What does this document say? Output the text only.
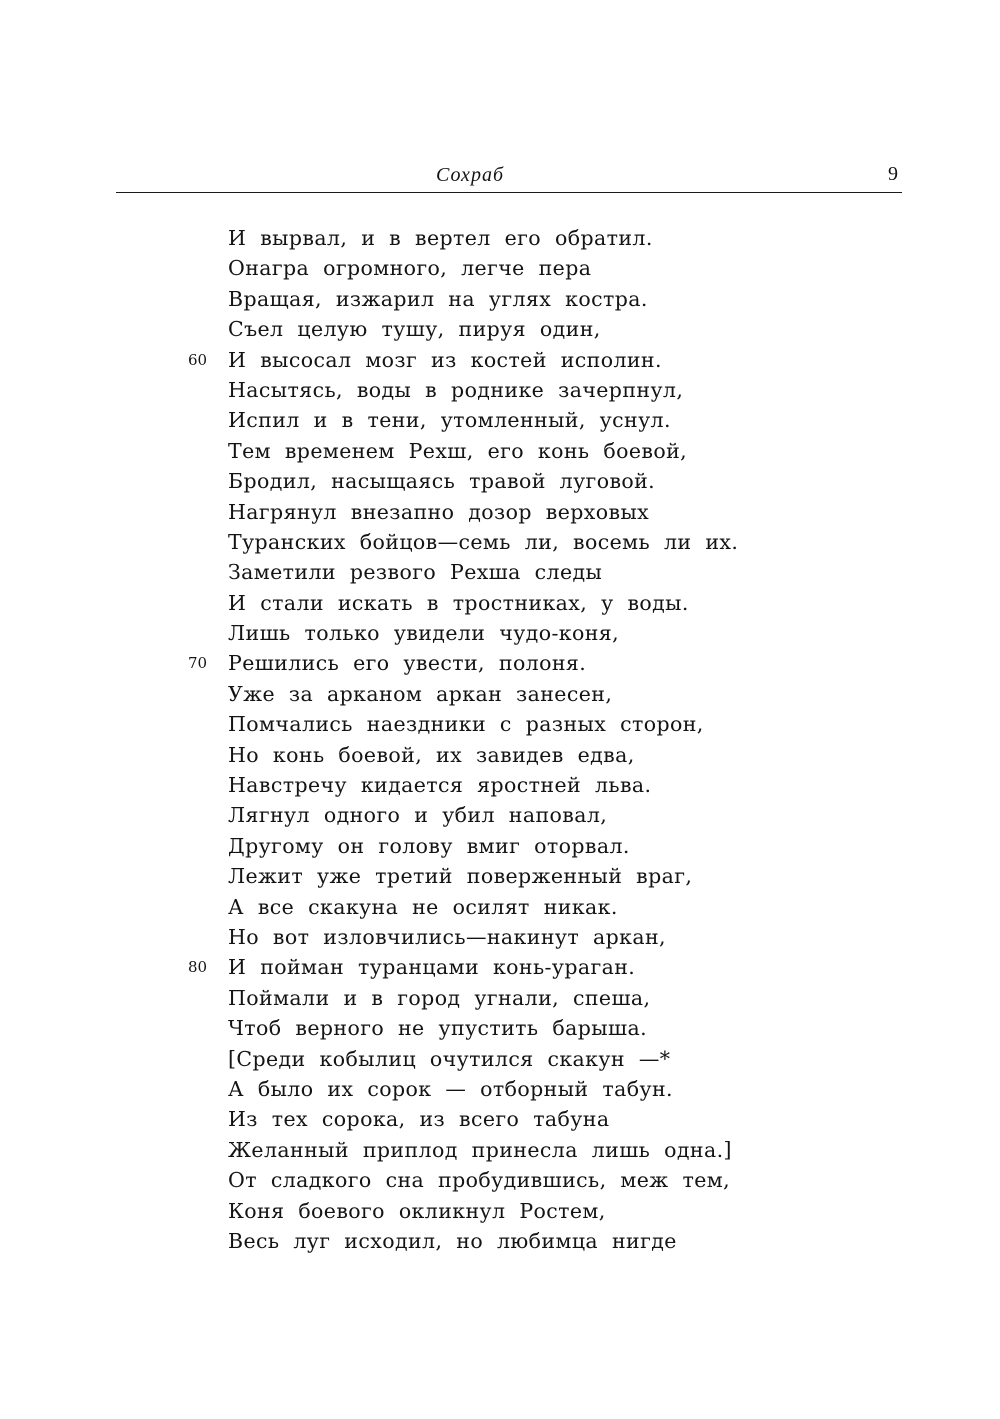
Сохраб	9
И вырвал, и в вертел его обратил.
Онагра огромного, легче пера
Вращая, изжарил на углях костра.
Съел целую тушу, пируя один,
60	И высосал мозг из костей исполин.
Насытясь, воды в роднике зачерпнул,
Испил и в тени, утомленный, уснул.
Тем временем Рехш, его конь боевой,
Бродил, насыщаясь травой луговой.
Нагрянул внезапно дозор верховых
Туранских бойцов—семь ли, восемь ли их.
Заметили резвого Рехша следы
И стали искать в тростниках, у воды.
Лишь только увидели чудо-коня,
70	Решились его увести, полоня.
Уже за арканом аркан занесен,
Помчались наездники с разных сторон,
Но конь боевой, их завидев едва,
Навстречу кидается яростней льва.
Лягнул одного и убил наповал,
Другому он голову вмиг оторвал.
Лежит уже третий поверженный враг,
А все скакуна не осилят никак.
Но вот изловчились—накинут аркан,
80	И пойман туранцами конь-ураган.
Поймали и в город угнали, спеша,
Чтоб верного не упустить барыша.
[Среди кобылиц очутился скакун —*
А было их сорок — отборный табун.
Из тех сорока, из всего табуна
Желанный приплод принесла лишь одна.]
От сладкого сна пробудившись, меж тем,
Коня боевого окликнул Ростем,
Весь луг исходил, но любимца нигде
